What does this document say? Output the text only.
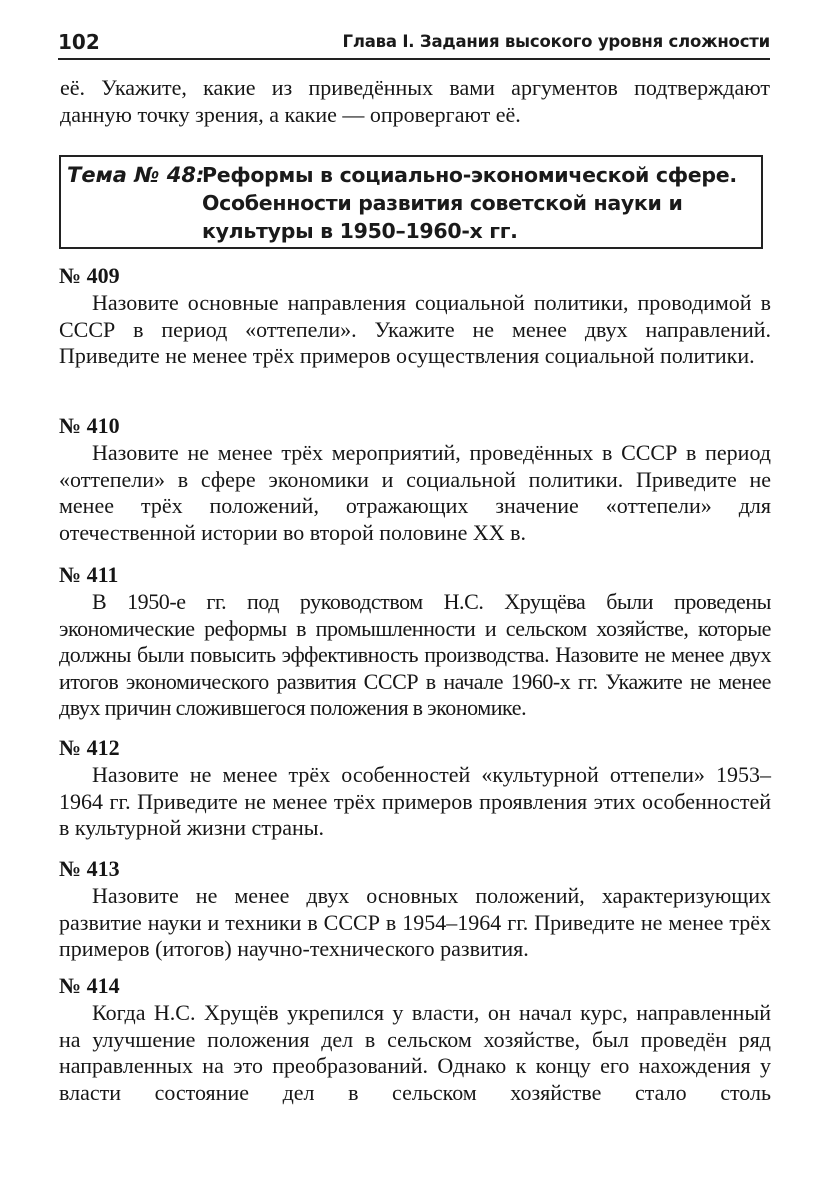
102	Глава I. Задания высокого уровня сложности

её. Укажите, какие из приведённых вами аргументов подтверждают данную точку зрения, а какие — опровергают её.

Тема № 48:
Реформы в социально-экономической сфере. Особенности развития советской науки и культуры в 1950–1960-х гг.
№ 409

Назовите основные направления социальной политики, проводимой в СССР в период «оттепели». Укажите не менее двух направлений. Приведите не менее трёх примеров осуществления социальной политики.

№ 410

Назовите не менее трёх мероприятий, проведённых в СССР в период «оттепели» в сфере экономики и социальной политики. Приведите не менее трёх положений, отражающих значение «оттепели» для отечественной истории во второй половине XX в.

№ 411

В 1950-е гг. под руководством Н.С. Хрущёва были проведены экономические реформы в промышленности и сельском хозяйстве, которые должны были повысить эффективность производства. Назовите не менее двух итогов экономического развития СССР в начале 1960-х гг. Укажите не менее двух причин сложившегося положения в экономике.

№ 412

Назовите не менее трёх особенностей «культурной оттепели» 1953–1964 гг. Приведите не менее трёх примеров проявления этих особенностей в культурной жизни страны.

№ 413

Назовите не менее двух основных положений, характеризующих развитие науки и техники в СССР в 1954–1964 гг. Приведите не менее трёх примеров (итогов) научно-технического развития.

№ 414

Когда Н.С. Хрущёв укрепился у власти, он начал курс, направленный на улучшение положения дел в сельском хозяйстве, был проведён ряд направленных на это преобразований. Однако к концу его нахождения у власти состояние дел в сельском хозяйстве стало столь
